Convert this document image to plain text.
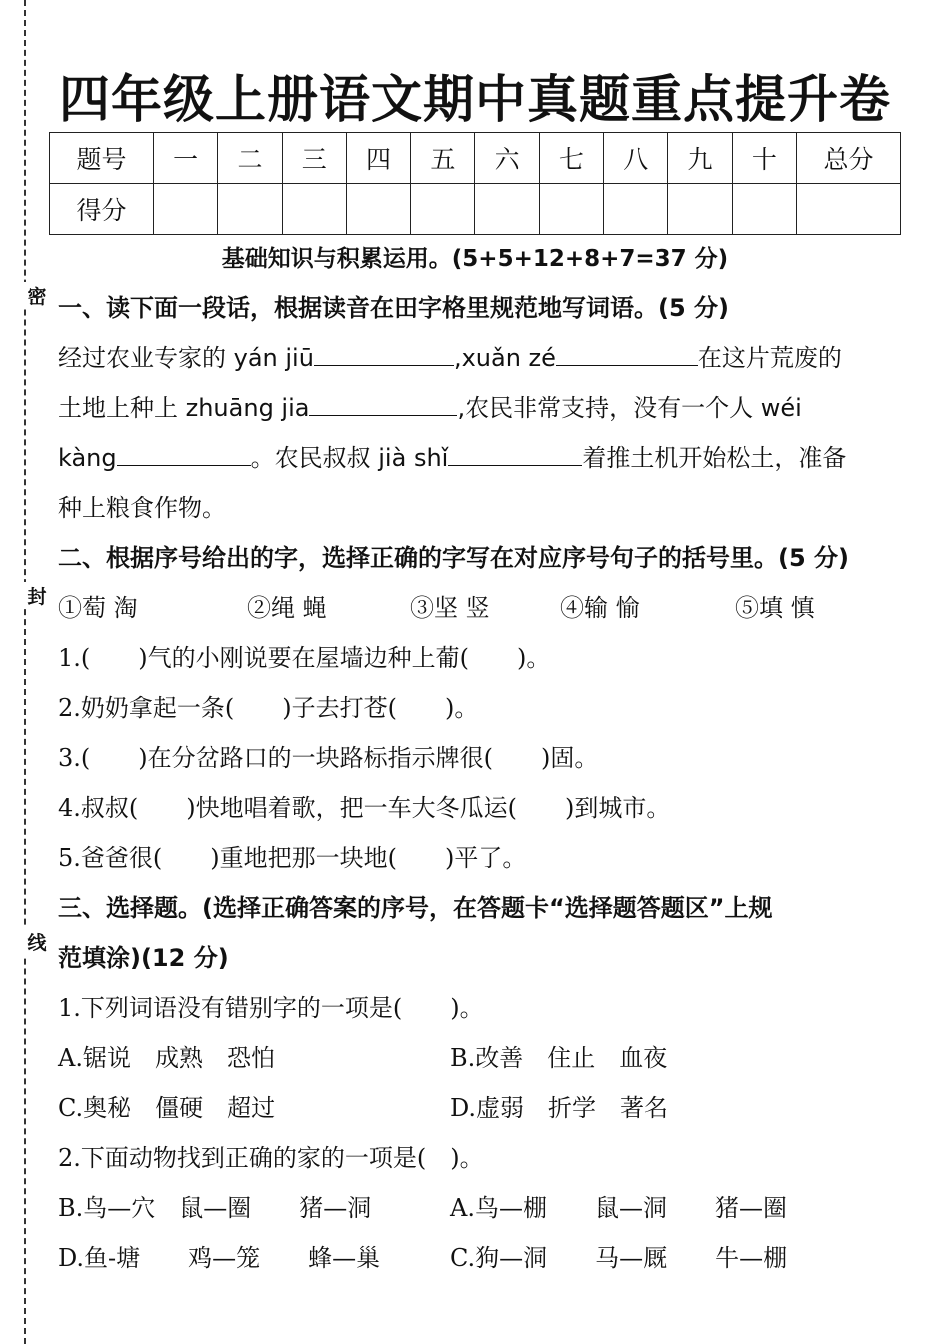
密
封
线
四年级上册语文期中真题重点提升卷
题号	一	二	三	四	五	六	七	八	九	十	总分
得分											
基础知识与积累运用。(5+5+12+8+7=37 分)
一、读下面一段话，根据读音在田字格里规范地写词语。(5 分)
经过农业专家的 yán jiū	,xuǎn zé	在这片荒废的
土地上种上 zhuāng jia	,农民非常支持，没有一个人 wéi
kàng	。农民叔叔 jià shǐ	着推土机开始松土，准备
种上粮食作物。
二、根据序号给出的字，选择正确的字写在对应序号句子的括号里。(5 分)
①萄 淘	②绳 蝇	③坚 竖	④输 愉	⑤填 慎
1.(　　)气的小刚说要在屋墙边种上葡(　　)。
2.奶奶拿起一条(　　)子去打苍(　　)。
3.(　　)在分岔路口的一块路标指示牌很(　　)固。
4.叔叔(　　)快地唱着歌，把一车大冬瓜运(　　)到城市。
5.爸爸很(　　)重地把那一块地(　　)平了。
三、选择题。(选择正确答案的序号，在答题卡“选择题答题区”上规
范填涂)(12 分)
1.下列词语没有错别字的一项是(　　)。
A.锯说　成熟　恐怕	B.改善　住止　血夜
C.奥秘　僵硬　超过	D.虚弱　折学　著名
2.下面动物找到正确的家的一项是(　)。
B.鸟—穴　鼠—圈　　猪—洞	A.鸟—棚　　鼠—洞　　猪—圈
D.鱼-塘　　鸡—笼　　蜂—巢	C.狗—洞　　马—厩　　牛—棚
